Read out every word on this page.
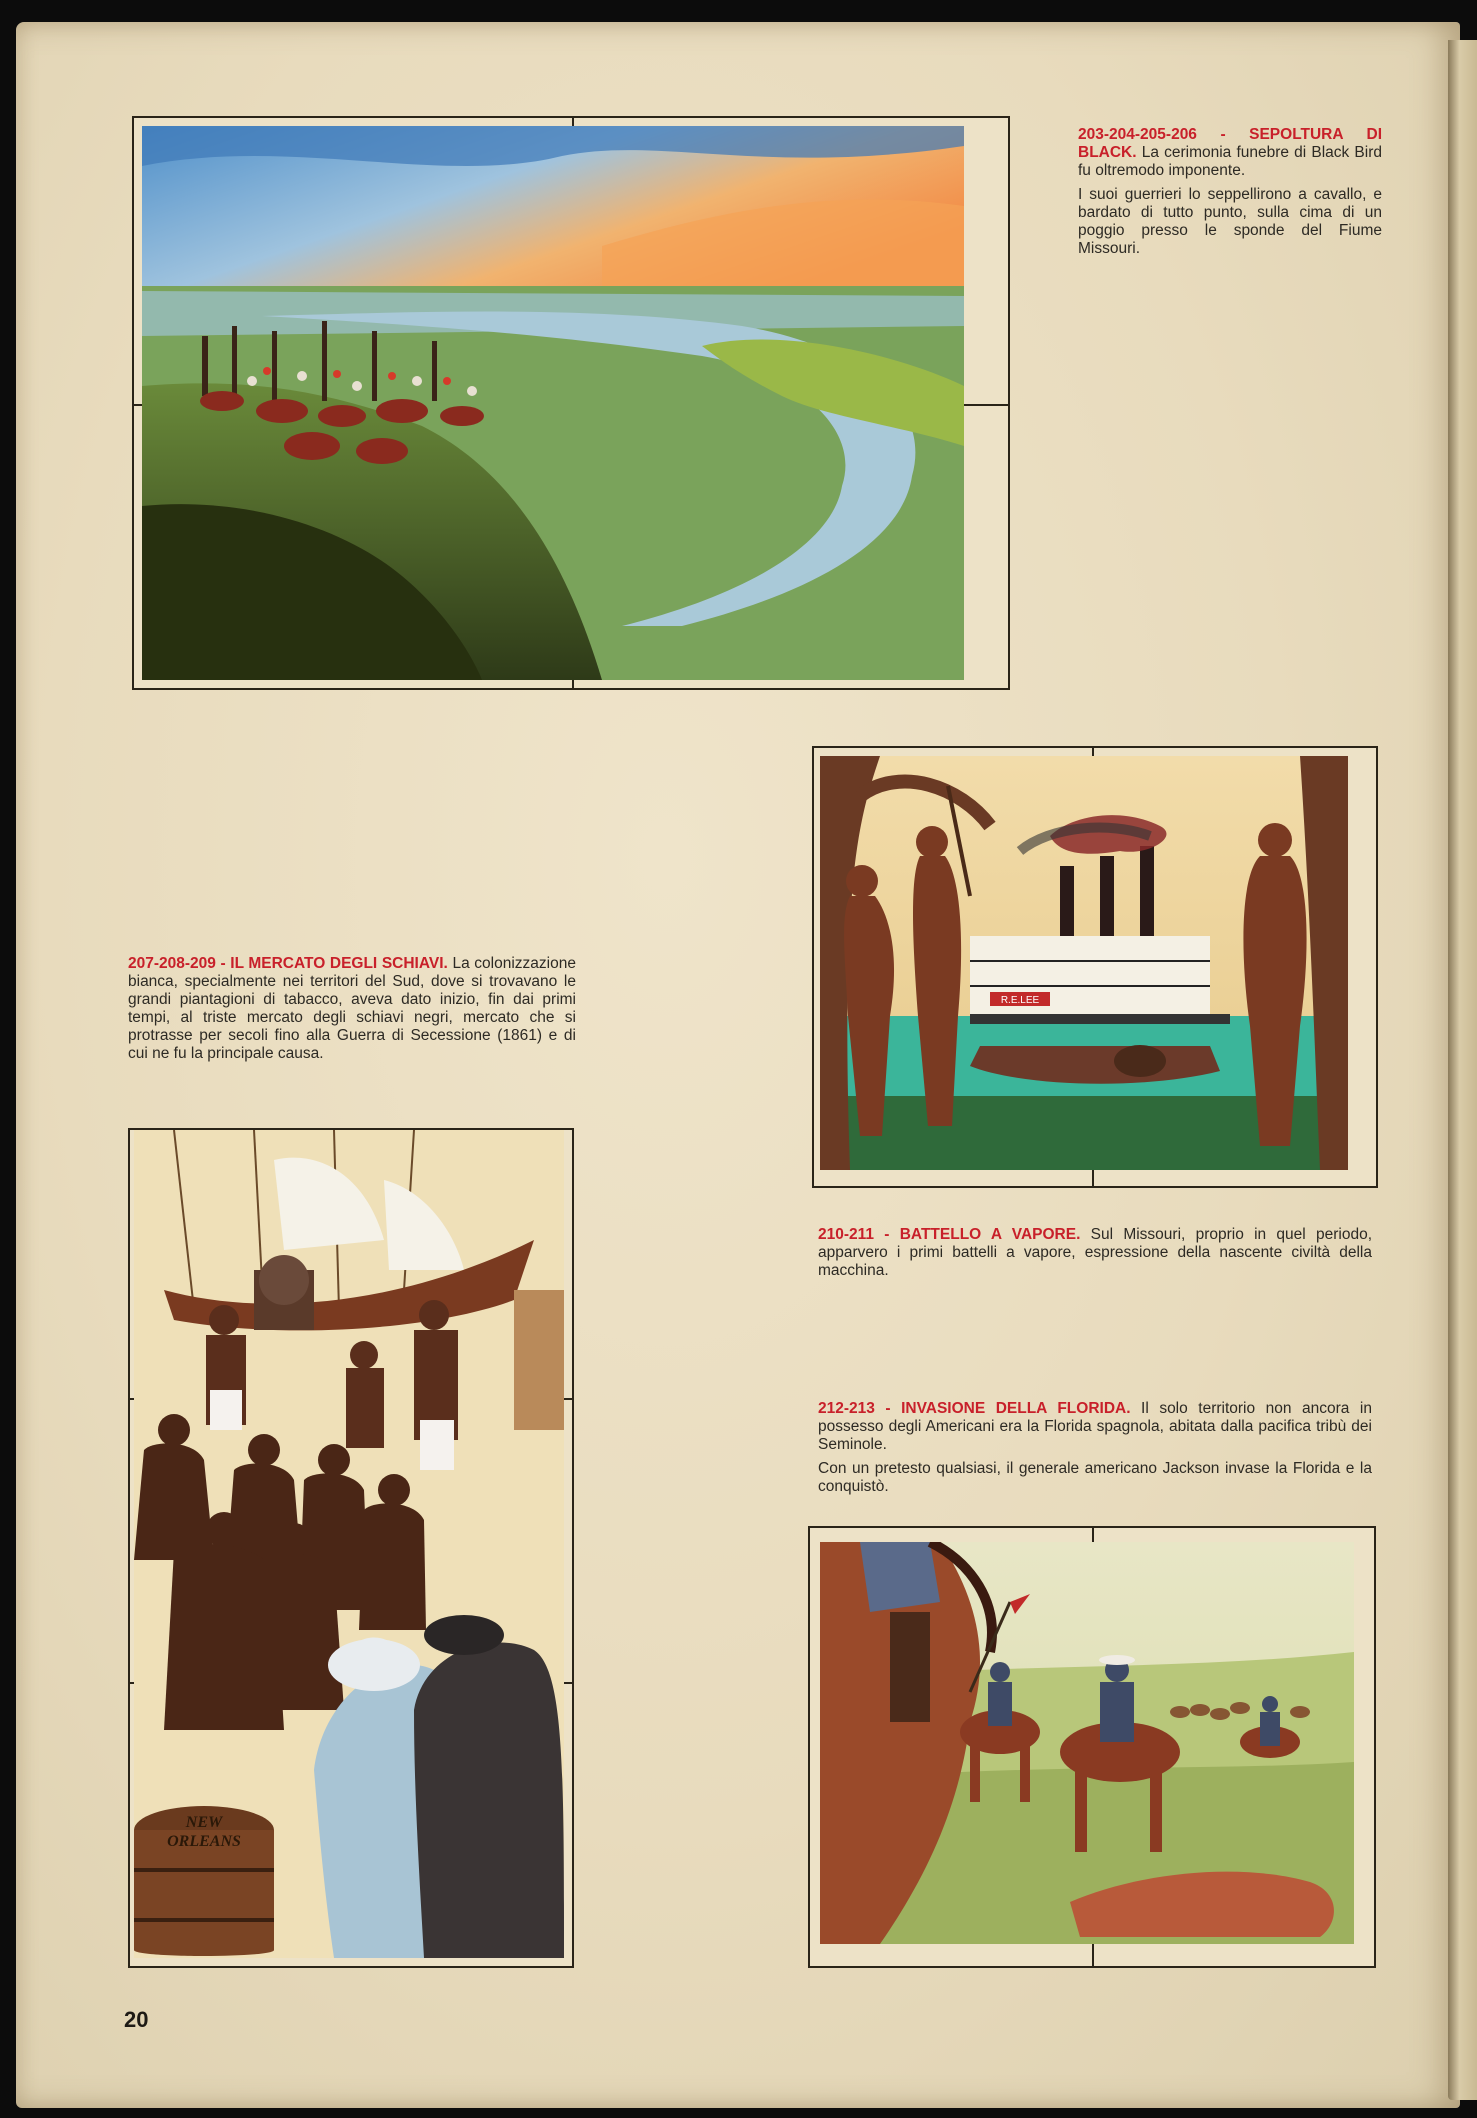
203-204-205-206 - SEPOLTURA DI BLACK. La cerimonia funebre di Black Bird fu oltremodo imponente.

I suoi guerrieri lo seppellirono a cavallo, e bardato di tutto punto, sulla cima di un poggio presso le sponde del Fiume Missouri.

R.E.LEE

210-211 - BATTELLO A VAPORE. Sul Missouri, proprio in quel periodo, apparvero i primi battelli a vapore, espressione della nascente civiltà della macchina.

207-208-209 - IL MERCATO DEGLI SCHIAVI. La colonizzazione bianca, specialmente nei territori del Sud, dove si trovavano le grandi piantagioni di tabacco, aveva dato inizio, fin dai primi tempi, al triste mercato degli schiavi negri, mercato che si protrasse per secoli fino alla Guerra di Secessione (1861) e di cui ne fu la principale causa.

NEW
ORLEANS

212-213 - INVASIONE DELLA FLORIDA. Il solo territorio non ancora in possesso degli Americani era la Florida spagnola, abitata dalla pacifica tribù dei Seminole.

Con un pretesto qualsiasi, il generale americano Jackson invase la Florida e la conquistò.

20
